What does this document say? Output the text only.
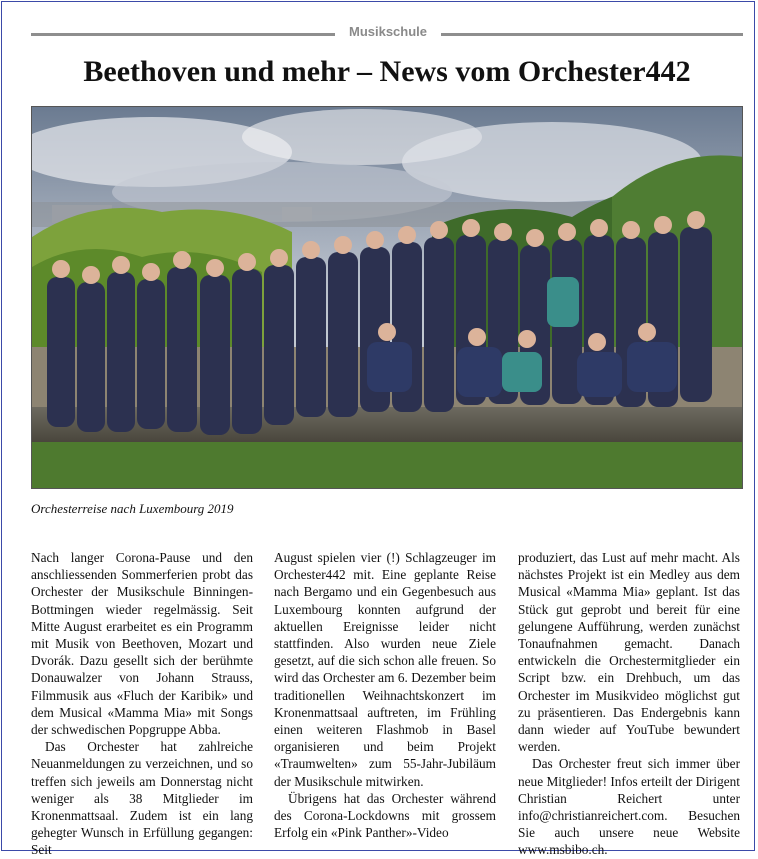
Musikschule
Beethoven und mehr – News vom Orchester442
Orchesterreise nach Luxembourg 2019

Nach langer Corona-Pause und den anschliessenden Sommerferien probt das Orchester der Musikschule Binningen-Bottmingen wieder regelmässig. Seit Mitte August erarbeitet es ein Programm mit Musik von Beethoven, Mozart und Dvorák. Dazu gesellt sich der berühmte Donauwalzer von Johann Strauss, Filmmusik aus «Fluch der Karibik» und dem Musical «Mamma Mia» mit Songs der schwedischen Popgruppe Abba.

Das Orchester hat zahlreiche Neuanmeldungen zu verzeichnen, und so treffen sich jeweils am Donnerstag nicht weniger als 38 Mitglieder im Kronenmattsaal. Zudem ist ein lang gehegter Wunsch in Erfüllung gegangen: Seit

August spielen vier (!) Schlagzeuger im Orchester442 mit. Eine geplante Reise nach Bergamo und ein Gegenbesuch aus Luxembourg konnten aufgrund der aktuellen Ereignisse leider nicht stattfinden. Also wurden neue Ziele gesetzt, auf die sich schon alle freuen. So wird das Orchester am 6. Dezember beim traditionellen Weihnachtskonzert im Kronenmattsaal auftreten, im Frühling einen weiteren Flashmob in Basel organisieren und beim Projekt «Traumwelten» zum 55-Jahr-Jubiläum der Musikschule mitwirken.

Übrigens hat das Orchester während des Corona-Lockdowns mit grossem Erfolg ein «Pink Panther»-Video

produziert, das Lust auf mehr macht. Als nächstes Projekt ist ein Medley aus dem Musical «Mamma Mia» geplant. Ist das Stück gut geprobt und bereit für eine gelungene Aufführung, werden zunächst Tonaufnahmen gemacht. Danach entwickeln die Orchestermitglieder ein Script bzw. ein Drehbuch, um das Orchester im Musikvideo möglichst gut zu präsentieren. Das Endergebnis kann dann wieder auf YouTube bewundert werden.

Das Orchester freut sich immer über neue Mitglieder! Infos erteilt der Dirigent Christian Reichert unter info@christianreichert.com. Besuchen Sie auch unsere neue Website www.msbibo.ch.
